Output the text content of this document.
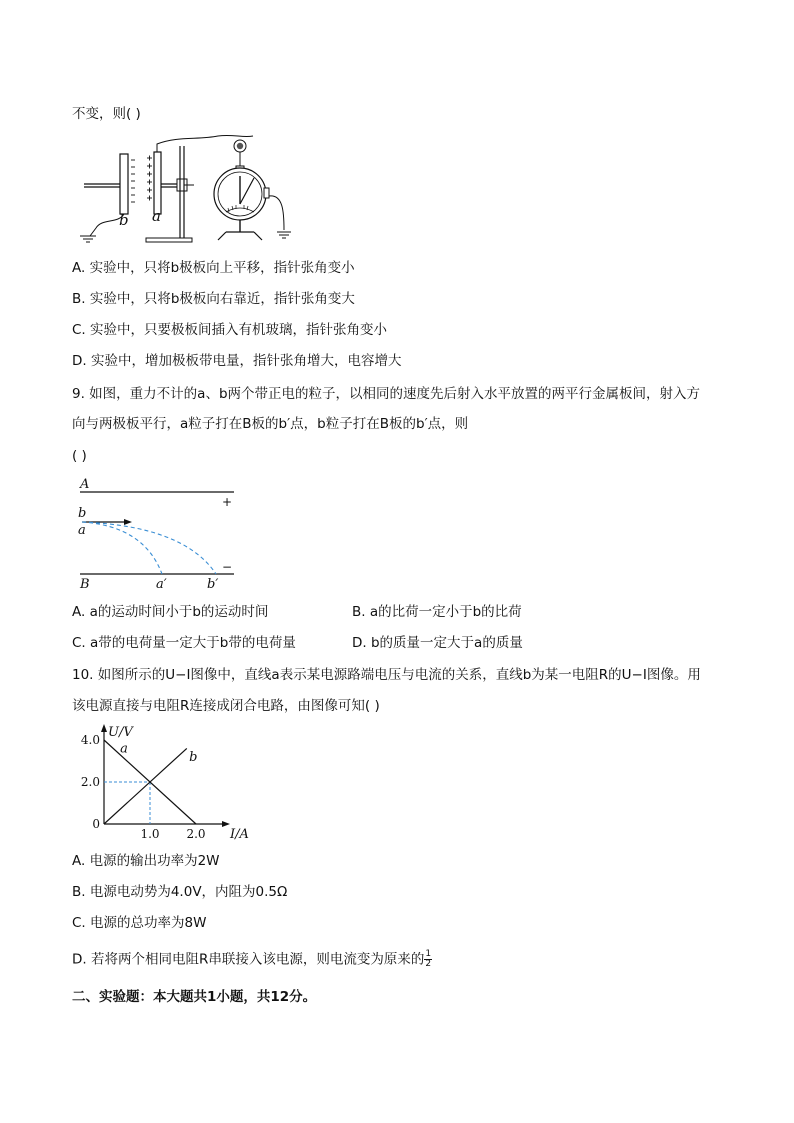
不变，则( )
b a
A. 实验中，只将b极板向上平移，指针张角变小
B. 实验中，只将b极板向右靠近，指针张角变大
C. 实验中，只要极板间插入有机玻璃，指针张角变小
D. 实验中，增加极板带电量，指针张角增大，电容增大
9. 如图，重力不计的a、b两个带正电的粒子，以相同的速度先后射入水平放置的两平行金属板间，射入方
向与两极板平行，a粒子打在B板的b′点，b粒子打在B板的b′点，则
( )
A
+
−
b
a
B	a′	b′
A. a的运动时间小于b的运动时间	B. a的比荷一定小于b的比荷
C. a带的电荷量一定大于b带的电荷量	D. b的质量一定大于a的质量
10. 如图所示的U−I图像中，直线a表示某电源路端电压与电流的关系，直线b为某一电阻R的U−I图像。用
该电源直接与电阻R连接成闭合电路，由图像可知( )
U/V
I/A
0
2.0
4.0
1.0 2.0
a
b
A. 电源的输出功率为2W
B. 电源电动势为4.0V，内阻为0.5Ω
C. 电源的总功率为8W
D. 若将两个相同电阻R串联接入该电源，则电流变为原来的 $\frac{1}{2}$
二、实验题：本大题共1小题，共12分。
